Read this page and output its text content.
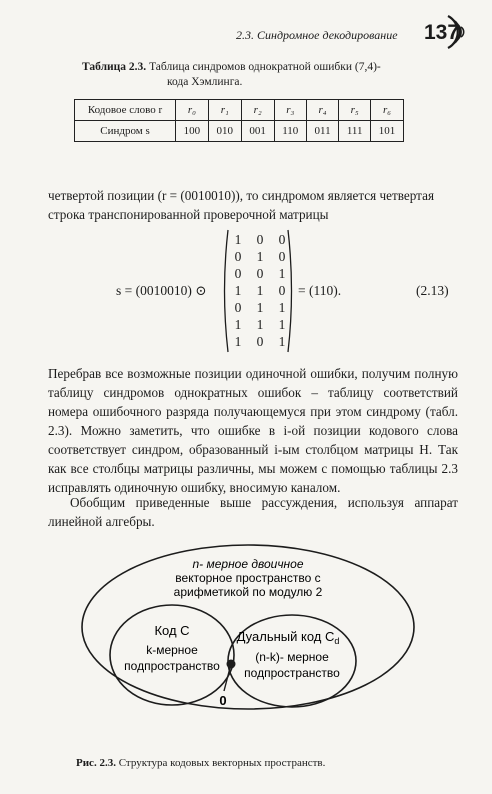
2.3. Синдромное декодирование	137
Таблица 2.3. Таблица синдромов однократной ошибки (7,4)-
кода Хэмлинга.
Кодовое слово r	r₀	r₁	r₂	r₃	r₄	r₅	r₆
Синдром s	100	010	001	110	011	111	101
четвертой позиции (r = (0010010)), то синдромом является четвертая
строка транспонированной проверочной матрицы
s = (0010010) ⊙
1 0 0
0 1 0
0 0 1
1 1 0
0 1 1
1 1 1
1 0 1
= (110).	(2.13)
Перебрав все возможные позиции одиночной ошибки, получим полную таблицу синдромов однократных ошибок – таблицу соответствий номера ошибочного разряда получающемуся при этом синдрому (табл. 2.3). Можно заметить, что ошибке в i-ой позиции кодового слова соответствует синдром, образованный i-ым столбцом матрицы H. Так как все столбцы матрицы различны, мы можем с помощью таблицы 2.3 исправлять одиночную ошибку, вносимую каналом.
Обобщим приведенные выше рассуждения, используя аппарат линейной алгебры.
n- мерное двоичное
векторное пространство с
арифметикой по модулю 2
Код C
k-мерное
подпространство
Дуальный код $C_d$
(n-k)- мерное
подпространство
0
Рис. 2.3. Структура кодовых векторных пространств.
